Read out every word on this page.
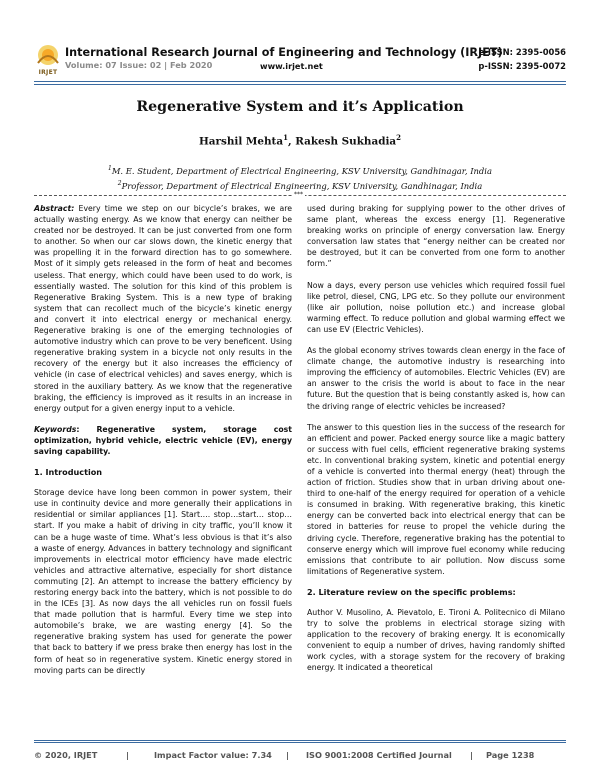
IRJET
International Research Journal of Engineering and Technology (IRJET)
Volume: 07 Issue: 02 | Feb 2020	www.irjet.net
e-ISSN: 2395-0056
p-ISSN: 2395-0072
Regenerative System and it’s Application
Harshil Mehta$^1$, Rakesh Sukhadia$^2$
$^1$M. E. Student, Department of Electrical Engineering, KSV University, Gandhinagar, India
$^2$Professor, Department of Electrical Engineering, KSV University, Gandhinagar, India
***

Abstract: Every time we step on our bicycle’s brakes, we are actually wasting energy. As we know that energy can neither be created nor be destroyed. It can be just converted from one form to another. So when our car slows down, the kinetic energy that was propelling it in the forward direction has to go somewhere. Most of it simply gets released in the form of heat and becomes useless. That energy, which could have been used to do work, is essentially wasted. The solution for this kind of this problem is Regenerative Braking System. This is a new type of braking system that can recollect much of the bicycle’s kinetic energy and convert it into electrical energy or mechanical energy. Regenerative braking is one of the emerging technologies of automotive industry which can prove to be very beneficent. Using regenerative braking system in a bicycle not only results in the recovery of the energy but it also increases the efficiency of vehicle (in case of electrical vehicles) and saves energy, which is stored in the auxiliary battery. As we know that the regenerative braking, the efficiency is improved as it results in an increase in energy output for a given energy input to a vehicle.

Keywords: Regenerative system, storage cost optimization, hybrid vehicle, electric vehicle (EV), energy saving capability.

1. Introduction

Storage device have long been common in power system, their use in continuity device and more generally their applications in residential or similar appliances [1]. Start…. stop…start… stop… start. If you make a habit of driving in city traffic, you’ll know it can be a huge waste of time. What’s less obvious is that it’s also a waste of energy. Advances in battery technology and significant improvements in electrical motor efficiency have made electric vehicles and attractive alternative, especially for short distance commuting [2]. An attempt to increase the battery efficiency by restoring energy back into the battery, which is not possible to do in the ICEs [3]. As now days the all vehicles run on fossil fuels that made pollution that is harmful. Every time we step into automobile’s brake, we are wasting energy [4]. So the regenerative braking system has used for generate the power that back to battery if we press brake then energy has lost in the form of heat so in regenerative system. Kinetic energy stored in moving parts can be directly

used during braking for supplying power to the other drives of same plant, whereas the excess energy [1]. Regenerative breaking works on principle of energy conversation law. Energy conversation law states that “energy neither can be created nor be destroyed, but it can be converted from one form to another form.”

Now a days, every person use vehicles which required fossil fuel like petrol, diesel, CNG, LPG etc. So they pollute our environment (like air pollution, noise pollution etc.) and increase global warming effect. To reduce pollution and global warming effect we can use EV (Electric Vehicles).

As the global economy strives towards clean energy in the face of climate change, the automotive industry is researching into improving the efficiency of automobiles. Electric Vehicles (EV) are an answer to the crisis the world is about to face in the near future. But the question that is being constantly asked is, how can the driving range of electric vehicles be increased?

The answer to this question lies in the success of the research for an efficient and power. Packed energy source like a magic battery or success with fuel cells, efficient regenerative braking systems etc. In conventional braking system, kinetic and potential energy of a vehicle is converted into thermal energy (heat) through the action of friction. Studies show that in urban driving about one-third to one-half of the energy required for operation of a vehicle is consumed in braking. With regenerative braking, this kinetic energy can be converted back into electrical energy that can be stored in batteries for reuse to propel the vehicle during the driving cycle. Therefore, regenerative braking has the potential to conserve energy which will improve fuel economy while reducing emissions that contribute to air pollution. Now discuss some limitations of Regenerative system.

2. Literature review on the specific problems:

Author V. Musolino, A. Pievatolo, E. Tironi A. Politecnico di Milano try to solve the problems in electrical storage sizing with application to the recovery of braking energy. It is economically convenient to equip a number of drives, having randomly shifted work cycles, with a storage system for the recovery of braking energy. It indicated a theoretical

© 2020, IRJET	|	Impact Factor value: 7.34 | ISO 9001:2008 Certified Journal | Page 1238
